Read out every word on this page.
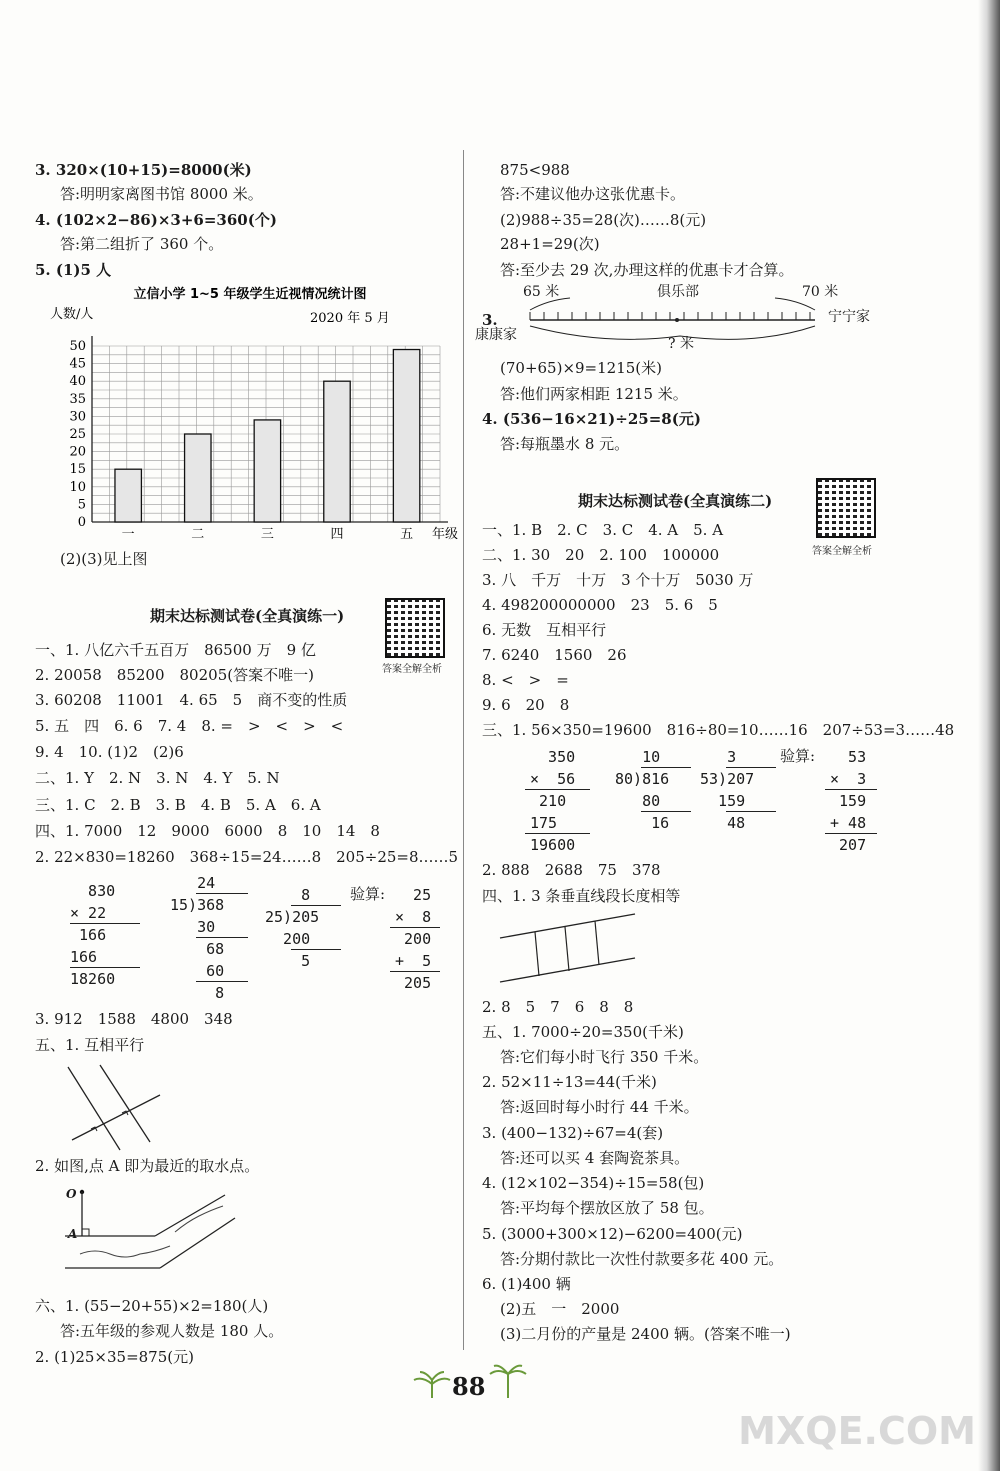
3. 320×(10+15)=8000(米)
答:明明家离图书馆 8000 米。
4. (102×2−86)×3+6=360(个)
答:第二组折了 360 个。
5. (1)5 人
立信小学 1~5 年级学生近视情况统计图
人数/人	2020 年 5 月
0
5
10
15
20
25
30
35
40
45
50
一	二	三	四	五 年级
(2)(3)见上图
期末达标测试卷(全真演练一)
答案全解全析
一、1. 八亿六千五百万　86500 万　9 亿
2. 20058　85200　80205(答案不唯一)
3. 60208　11001　4. 65　5　商不变的性质
5. 五　四　6. 6　7. 4　8. =　>　<　>　<
9. 4　10. (1)2　(2)6
二、1. Y　2. N　3. N　4. Y　5. N
三、1. C　2. B　3. B　4. B　5. A　6. A
四、1. 7000　12　9000　6000　8　10　14　8
2. 22×830=18260　368÷15=24……8　205÷25=8……5
830
× 22
166
166
18260
24
15)368
30
68
60
8
8
25)205
200
5
验算:	25
×  8
200
+  5
205
3. 912　1588　4800　348
五、1. 互相平行
2. 如图,点 A 即为最近的取水点。
O
A
六、1. (55−20+55)×2=180(人)
答:五年级的参观人数是 180 人。
2. (1)25×35=875(元)
875<988
答:不建议他办这张优惠卡。
(2)988÷35=28(次)……8(元)
28+1=29(次)
答:至少去 29 次,办理这样的优惠卡才合算。
3.
65 米	俱乐部	70 米
康康家
宁宁家
? 米
(70+65)×9=1215(米)
答:他们两家相距 1215 米。
4. (536−16×21)÷25=8(元)
答:每瓶墨水 8 元。
期末达标测试卷(全真演练二)
答案全解全析
一、1. B　2. C　3. C　4. A　5. A
二、1. 30　20　2. 100　100000
3. 八　千万　十万　3 个十万　5030 万
4. 498200000000　23　5. 6　5
6. 无数　互相平行
7. 6240　1560　26
8. <　>　=
9. 6　20　8
三、1. 56×350=19600　816÷80=10……16　207÷53=3……48
350
×  56
210
175
19600
10
80)816
80
16
3
53)207
159
48
验算:	53
×  3
159
+ 48
207
2. 888　2688　75　378
四、1. 3 条垂直线段长度相等
2. 8　5　7　6　8　8
五、1. 7000÷20=350(千米)
答:它们每小时飞行 350 千米。
2. 52×11÷13=44(千米)
答:返回时每小时行 44 千米。
3. (400−132)÷67=4(套)
答:还可以买 4 套陶瓷茶具。
4. (12×102−354)÷15=58(包)
答:平均每个摆放区放了 58 包。
5. (3000+300×12)−6200=400(元)
答:分期付款比一次性付款要多花 400 元。
6. (1)400 辆
(2)五　一　2000
(3)二月份的产量是 2400 辆。(答案不唯一)
88
MXQE.COM
